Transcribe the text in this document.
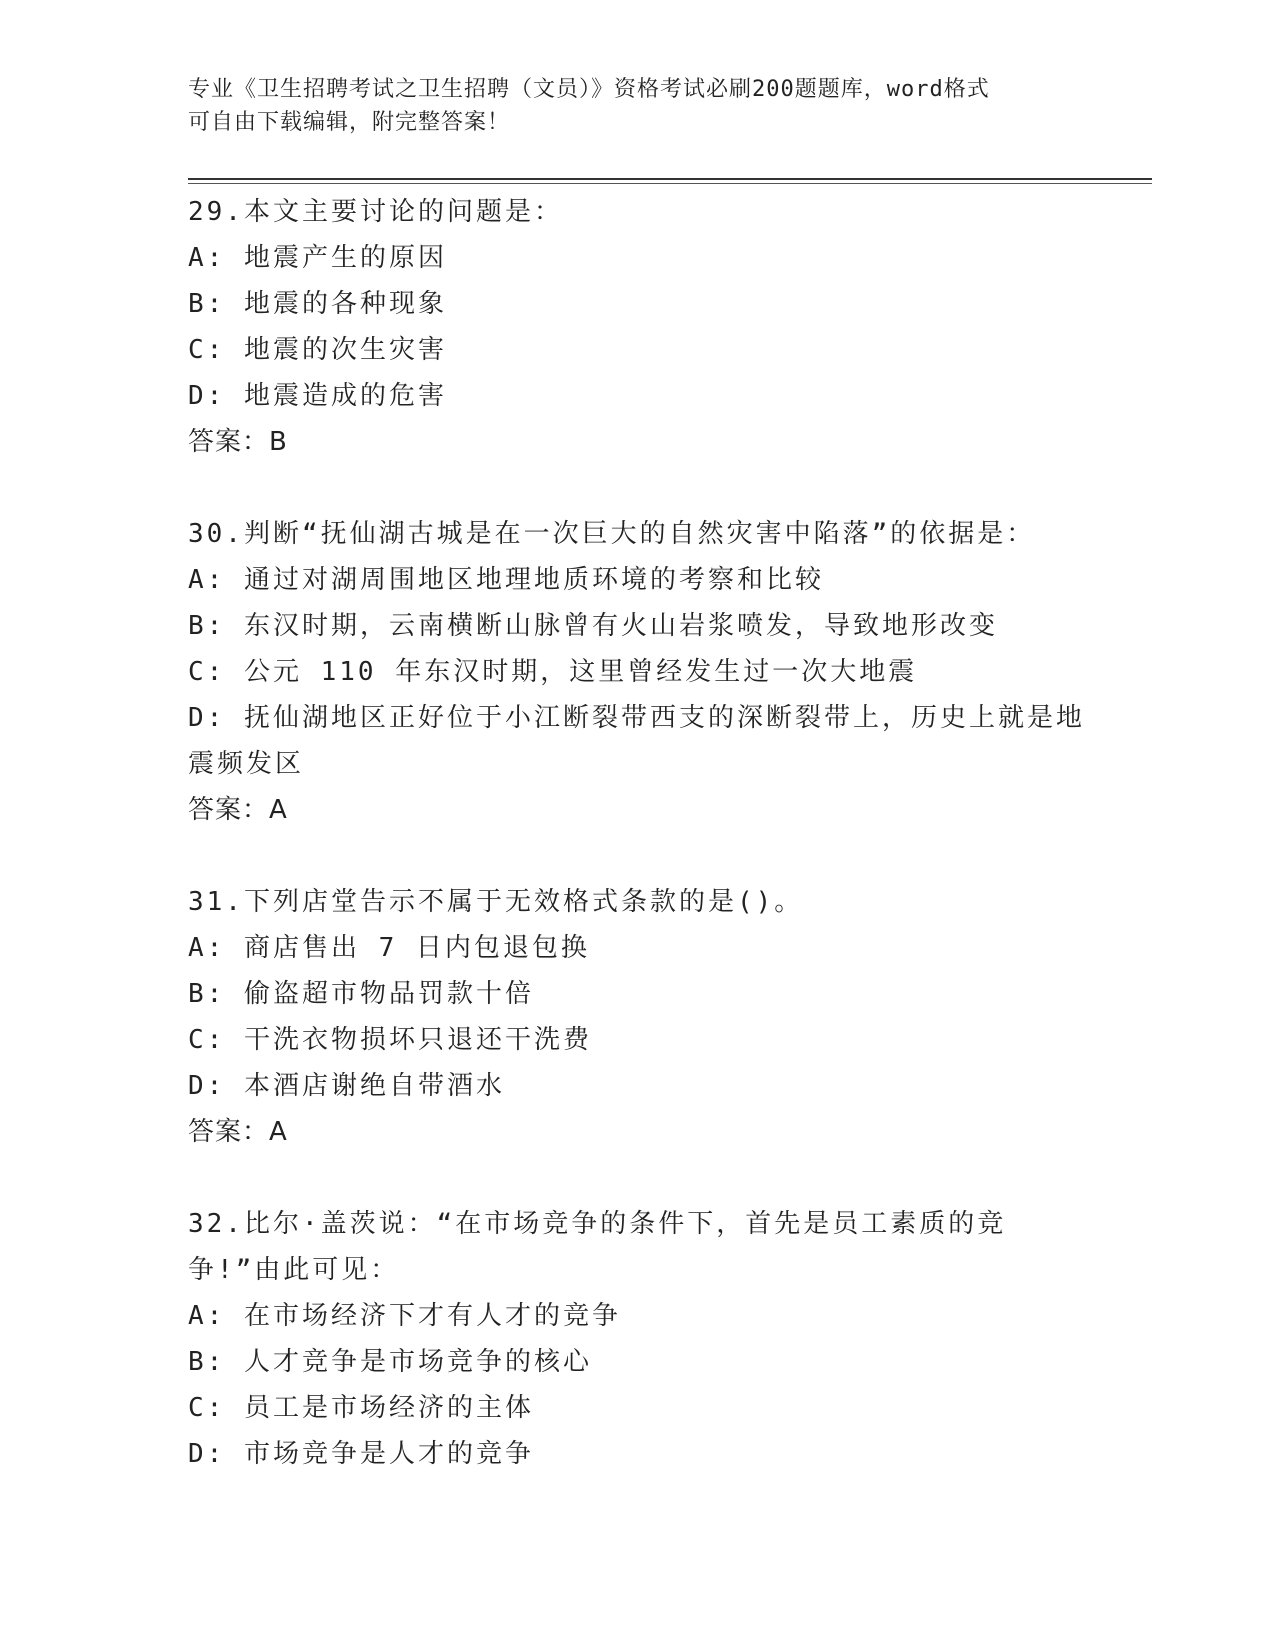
专业《卫生招聘考试之卫生招聘（文员）》资格考试必刷200题题库，word格式
可自由下载编辑，附完整答案！
29.本文主要讨论的问题是：
A: 地震产生的原因
B: 地震的各种现象
C: 地震的次生灾害
D: 地震造成的危害
答案：B
30.判断“抚仙湖古城是在一次巨大的自然灾害中陷落”的依据是：
A: 通过对湖周围地区地理地质环境的考察和比较
B: 东汉时期，云南横断山脉曾有火山岩浆喷发，导致地形改变
C: 公元 110 年东汉时期，这里曾经发生过一次大地震
D: 抚仙湖地区正好位于小江断裂带西支的深断裂带上，历史上就是地震频发区
答案：A
31.下列店堂告示不属于无效格式条款的是()。
A: 商店售出 7 日内包退包换
B: 偷盗超市物品罚款十倍
C: 干洗衣物损坏只退还干洗费
D: 本酒店谢绝自带酒水
答案：A
32.比尔·盖茨说：“在市场竞争的条件下，首先是员工素质的竞争!”由此可见：
A: 在市场经济下才有人才的竞争
B: 人才竞争是市场竞争的核心
C: 员工是市场经济的主体
D: 市场竞争是人才的竞争
